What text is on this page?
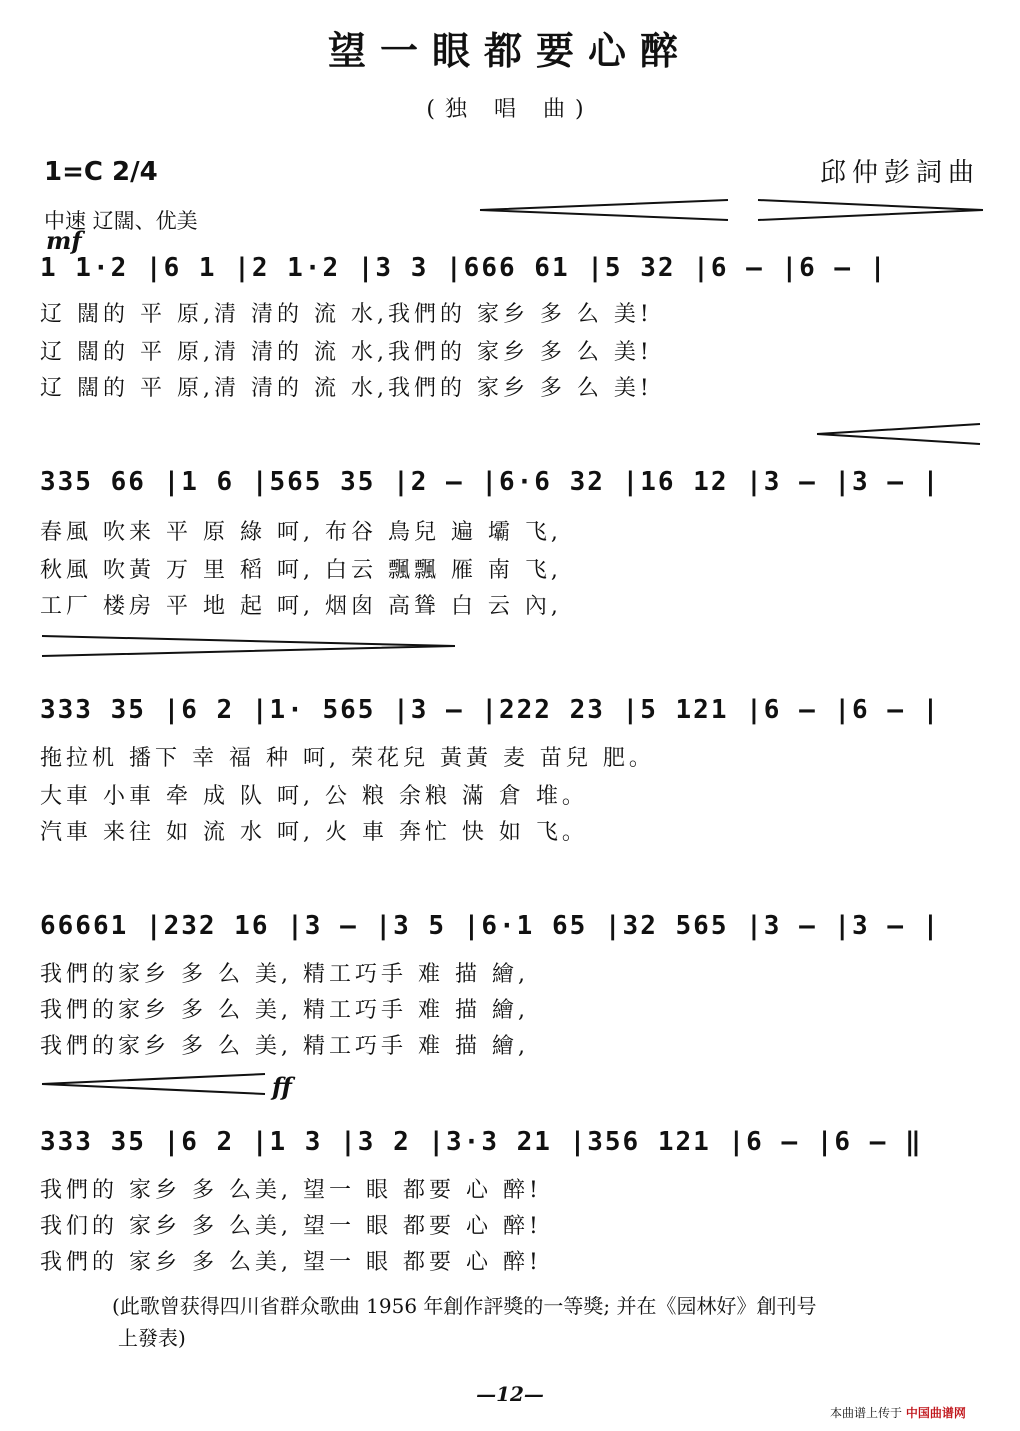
望一眼都要心醉
(独 唱 曲)
1=C 2/4	邱仲彭詞曲
中速 辽闊、优美
mf
1 1·2 |6 1 |2 1·2 |3 3 |666 61 |5 32 |6 — |6 — |
辽 闊的 平 原,清 清的 流 水,我們的 家乡 多 么 美!
辽 闊的 平 原,清 清的 流 水,我們的 家乡 多 么 美!
辽 闊的 平 原,清 清的 流 水,我們的 家乡 多 么 美!
335 66 |1 6 |565 35 |2 — |6·6 32 |16 12 |3 — |3 — |
春風 吹来 平 原 綠 呵, 布谷 鳥兒 遍 壩 飞,
秋風 吹黃 万 里 稻 呵, 白云 飄飄 雁 南 飞,
工厂 楼房 平 地 起 呵, 烟囱 高聳 白 云 內,
333 35 |6 2 |1· 565 |3 — |222 23 |5 121 |6 — |6 — |
拖拉机 播下 幸 福 种 呵, 荣花兒 黃黃 麦 苗兒 肥。
大車 小車 牵 成 队 呵, 公 粮 余粮 滿 倉 堆。
汽車 来往 如 流 水 呵, 火 車 奔忙 快 如 飞。
66661 |232 16 |3 — |3 5 |6·1 65 |32 565 |3 — |3 — |
我們的家乡 多 么 美, 精工巧手 难 描 繪,
我們的家乡 多 么 美, 精工巧手 难 描 繪,
我們的家乡 多 么 美, 精工巧手 难 描 繪,
ff
333 35 |6 2 |1 3 |3 2 |3·3 21 |356 121 |6 — |6 — ‖
我們的 家乡 多 么美, 望一 眼 都要 心 醉!
我们的 家乡 多 么美, 望一 眼 都要 心 醉!
我們的 家乡 多 么美, 望一 眼 都要 心 醉!
(此歌曾获得四川省群众歌曲 1956 年創作評獎的一等獎; 并在《园林好》創刊号
上發表)
—12—
本曲谱上传于 中国曲谱网
